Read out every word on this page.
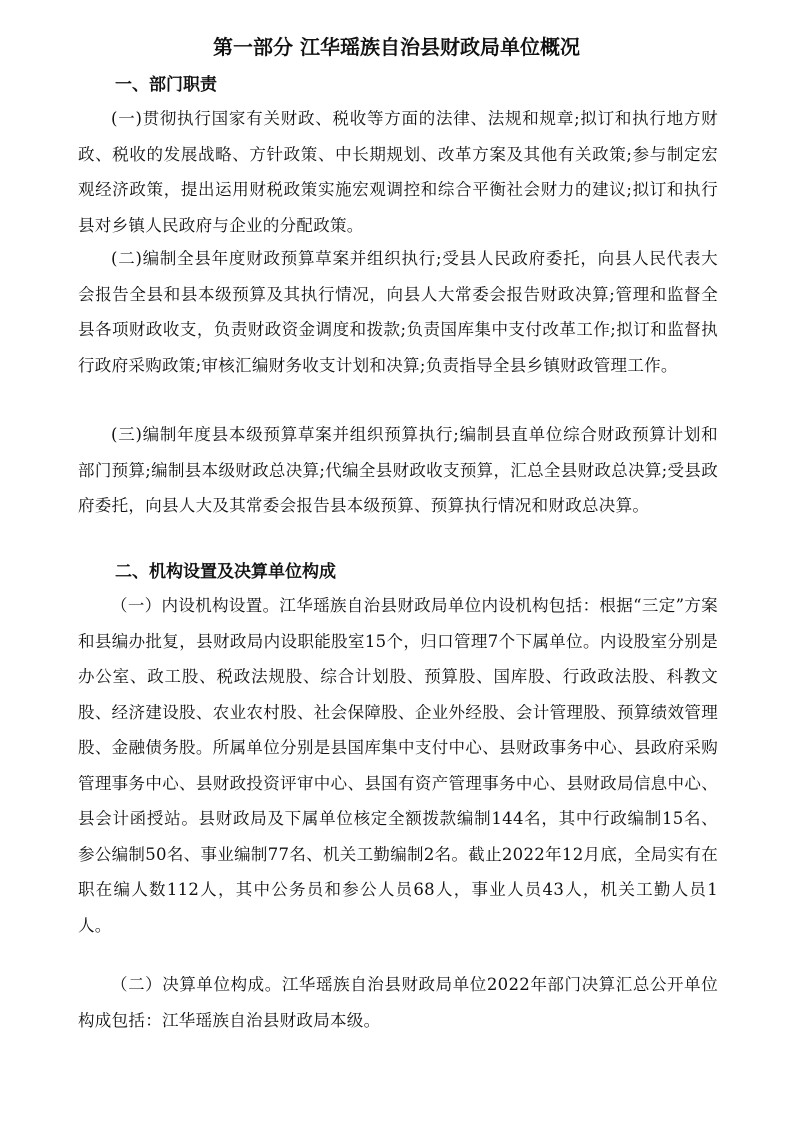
第一部分 江华瑶族自治县财政局单位概况
一、部门职责

(一)贯彻执行国家有关财政、税收等方面的法律、法规和规章;拟订和执行地方财政、税收的发展战略、方针政策、中长期规划、改革方案及其他有关政策;参与制定宏观经济政策，提出运用财税政策实施宏观调控和综合平衡社会财力的建议;拟订和执行县对乡镇人民政府与企业的分配政策。

(二)编制全县年度财政预算草案并组织执行;受县人民政府委托，向县人民代表大会报告全县和县本级预算及其执行情况，向县人大常委会报告财政决算;管理和监督全县各项财政收支，负责财政资金调度和拨款;负责国库集中支付改革工作;拟订和监督执行政府采购政策;审核汇编财务收支计划和决算;负责指导全县乡镇财政管理工作。

(三)编制年度县本级预算草案并组织预算执行;编制县直单位综合财政预算计划和部门预算;编制县本级财政总决算;代编全县财政收支预算，汇总全县财政总决算;受县政府委托，向县人大及其常委会报告县本级预算、预算执行情况和财政总决算。

二、机构设置及决算单位构成

（一）内设机构设置。江华瑶族自治县财政局单位内设机构包括：根据“三定”方案和县编办批复，县财政局内设职能股室15个，归口管理7个下属单位。内设股室分别是办公室、政工股、税政法规股、综合计划股、预算股、国库股、行政政法股、科教文股、经济建设股、农业农村股、社会保障股、企业外经股、会计管理股、预算绩效管理股、金融债务股。所属单位分别是县国库集中支付中心、县财政事务中心、县政府采购管理事务中心、县财政投资评审中心、县国有资产管理事务中心、县财政局信息中心、县会计函授站。县财政局及下属单位核定全额拨款编制144名，其中行政编制15名、参公编制50名、事业编制77名、机关工勤编制2名。截止2022年12月底，全局实有在职在编人数112人，其中公务员和参公人员68人，事业人员43人，机关工勤人员1人。

（二）决算单位构成。江华瑶族自治县财政局单位2022年部门决算汇总公开单位构成包括：江华瑶族自治县财政局本级。
